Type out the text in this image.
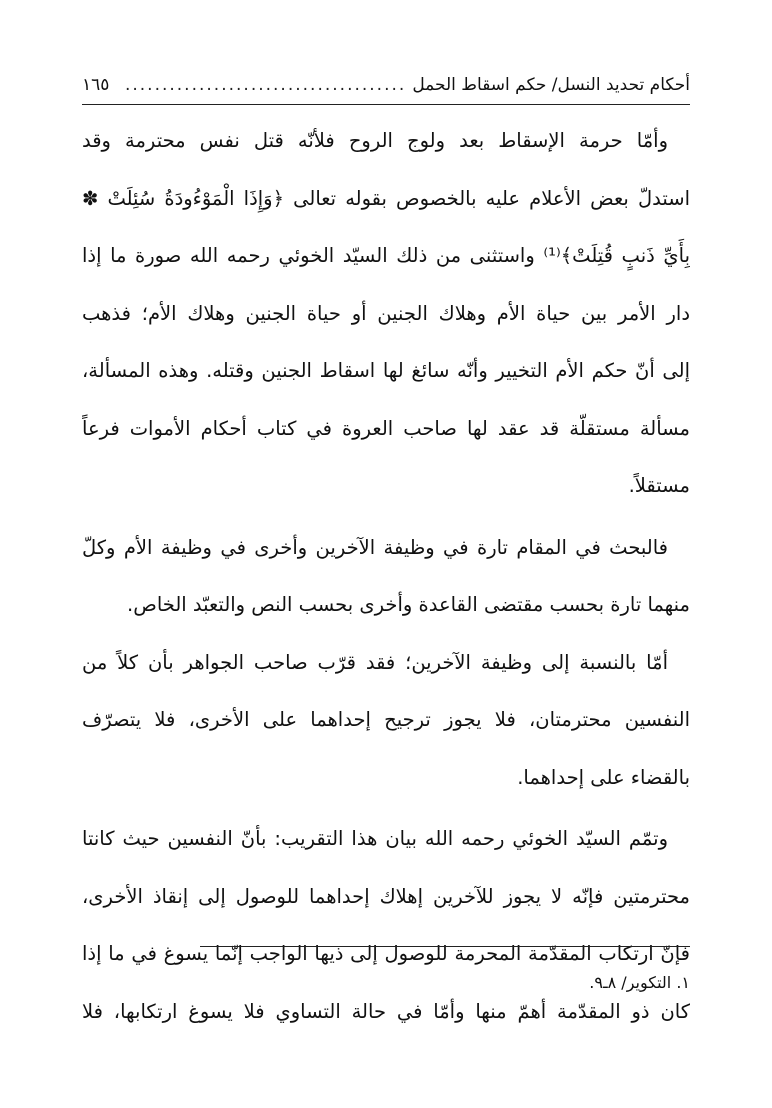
أحكام تحديد النسل/ حكم اسقاط الحمل
......................................
١٦٥
وأمّا حرمة الإسقاط بعد ولوج الروح فلأنّه قتل نفس محترمة وقد
استدلّ بعض الأعلام عليه بالخصوص بقوله تعالى ﴿وَإِذَا الْمَوْءُودَةُ سُئِلَتْ ✽
بِأَيِّ ذَنبٍ قُتِلَتْ﴾⁽¹⁾ واستثنى من ذلك السيّد الخوئي رحمه الله صورة ما إذا
دار الأمر بين حياة الأم وهلاك الجنين أو حياة الجنين وهلاك الأم؛ فذهب
إلى أنّ حكم الأم التخيير وأنّه سائغ لها اسقاط الجنين وقتله. وهذه المسألة،
مسألة مستقلّة قد عقد لها صاحب العروة في كتاب أحكام الأموات فرعاً
مستقلاً.
فالبحث في المقام تارة في وظيفة الآخرين وأخرى في وظيفة الأم وكلّ
منهما تارة بحسب مقتضى القاعدة وأخرى بحسب النص والتعبّد الخاص.
أمّا بالنسبة إلى وظيفة الآخرين؛ فقد قرّب صاحب الجواهر بأن كلاً من
النفسين محترمتان، فلا يجوز ترجيح إحداهما على الأخرى، فلا يتصرّف
بالقضاء على إحداهما.
وتمّم السيّد الخوئي رحمه الله بيان هذا التقريب: بأنّ النفسين حيث كانتا
محترمتين فإنّه لا يجوز للآخرين إهلاك إحداهما للوصول إلى إنقاذ الأخرى،
فإنّ ارتكاب المقدّمة المحرمة للوصول إلى ذيها الواجب إنّما يسوغ في ما إذا
كان ذو المقدّمة أهمّ منها وأمّا في حالة التساوي فلا يسوغ ارتكابها، فلا
١. التكوير/ ٨ـ٩.
